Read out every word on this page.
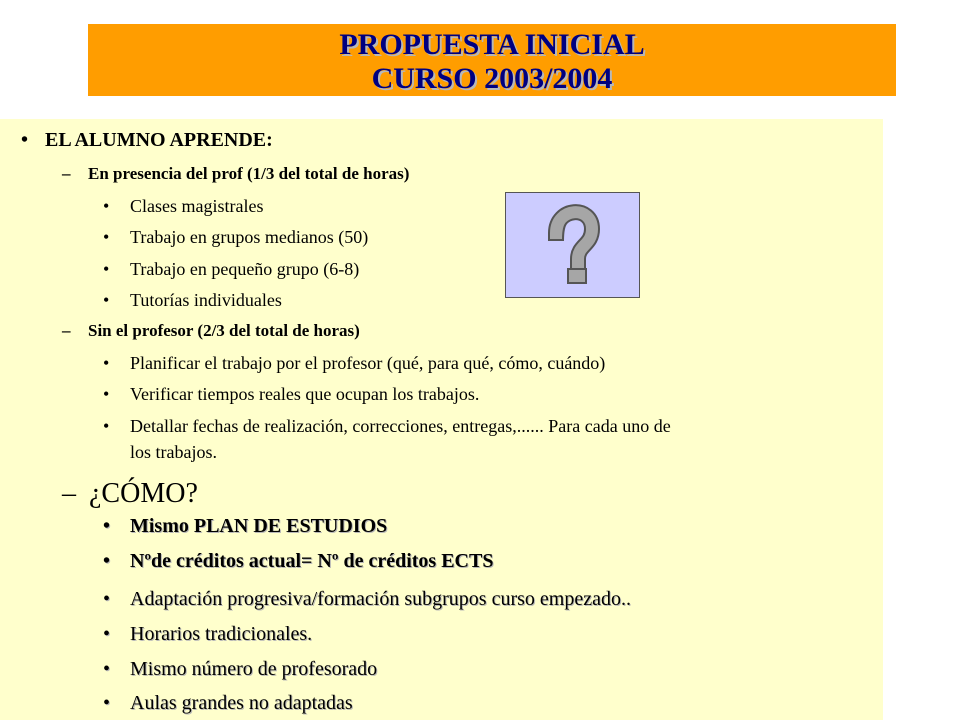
PROPUESTA INICIAL
CURSO 2003/2004
• EL ALUMNO APRENDE:
– En presencia del prof (1/3 del total de horas)
• Clases magistrales
• Trabajo en grupos medianos (50)
• Trabajo en pequeño grupo (6-8)
• Tutorías individuales
– Sin el profesor (2/3 del total de horas)
• Planificar el trabajo por el profesor (qué, para qué, cómo, cuándo)
• Verificar tiempos reales que ocupan los trabajos.
• Detallar fechas de realización, correcciones, entregas,...... Para cada uno de
los trabajos.
– ¿CÓMO?
• Mismo PLAN DE ESTUDIOS
• Nºde créditos actual= Nº de créditos ECTS
• Adaptación progresiva/formación subgrupos curso empezado..
• Horarios tradicionales.
• Mismo número de profesorado
• Aulas grandes no adaptadas
